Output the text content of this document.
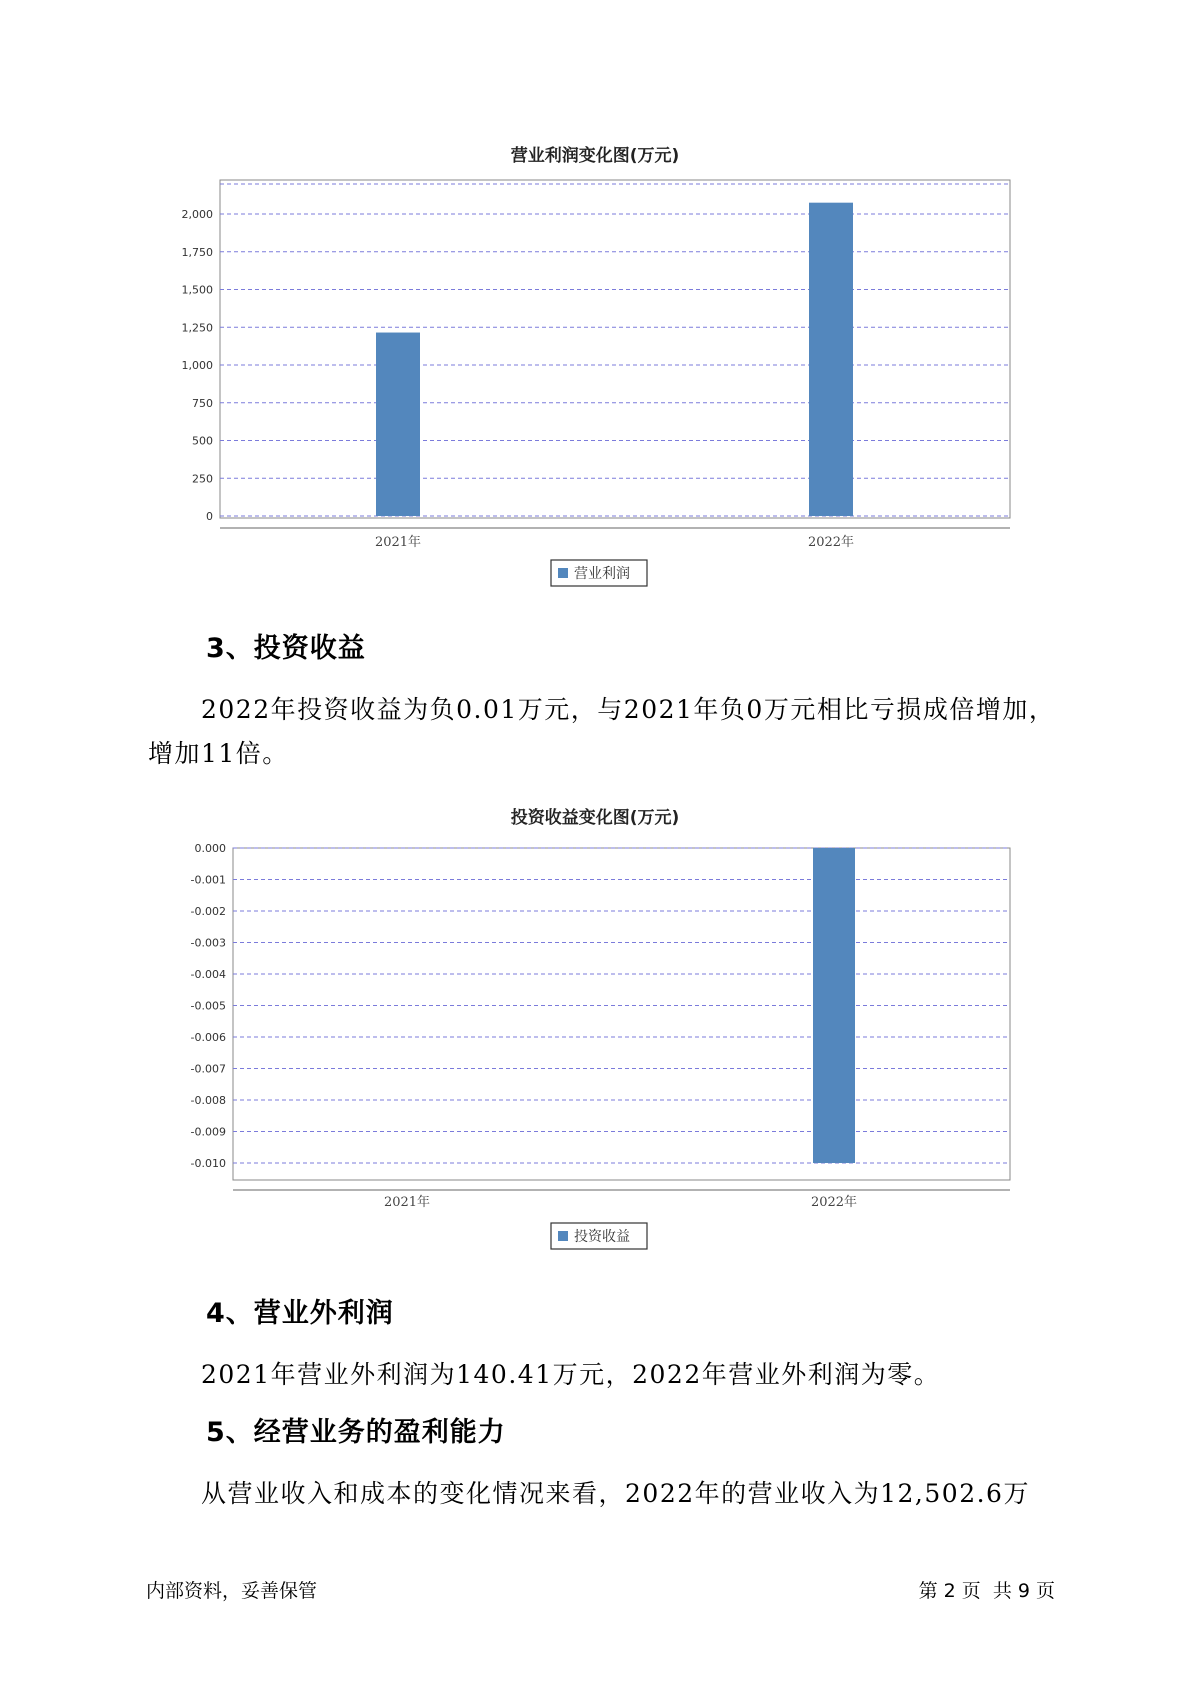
营业利润变化图(万元)
0
250
500
750
1,000
1,250
1,500
1,750
2,000
2021年	2022年
营业利润
3、投资收益

2022年投资收益为负0.01万元，与2021年负0万元相比亏损成倍增加，增加11倍。

投资收益变化图(万元)
0.000
-0.001
-0.002
-0.003
-0.004
-0.005
-0.006
-0.007
-0.008
-0.009
-0.010
2021年	2022年
投资收益
4、营业外利润

2021年营业外利润为140.41万元，2022年营业外利润为零。

5、经营业务的盈利能力

从营业收入和成本的变化情况来看，2022年的营业收入为12,502.6万

内部资料，妥善保管	第 2 页  共 9 页
